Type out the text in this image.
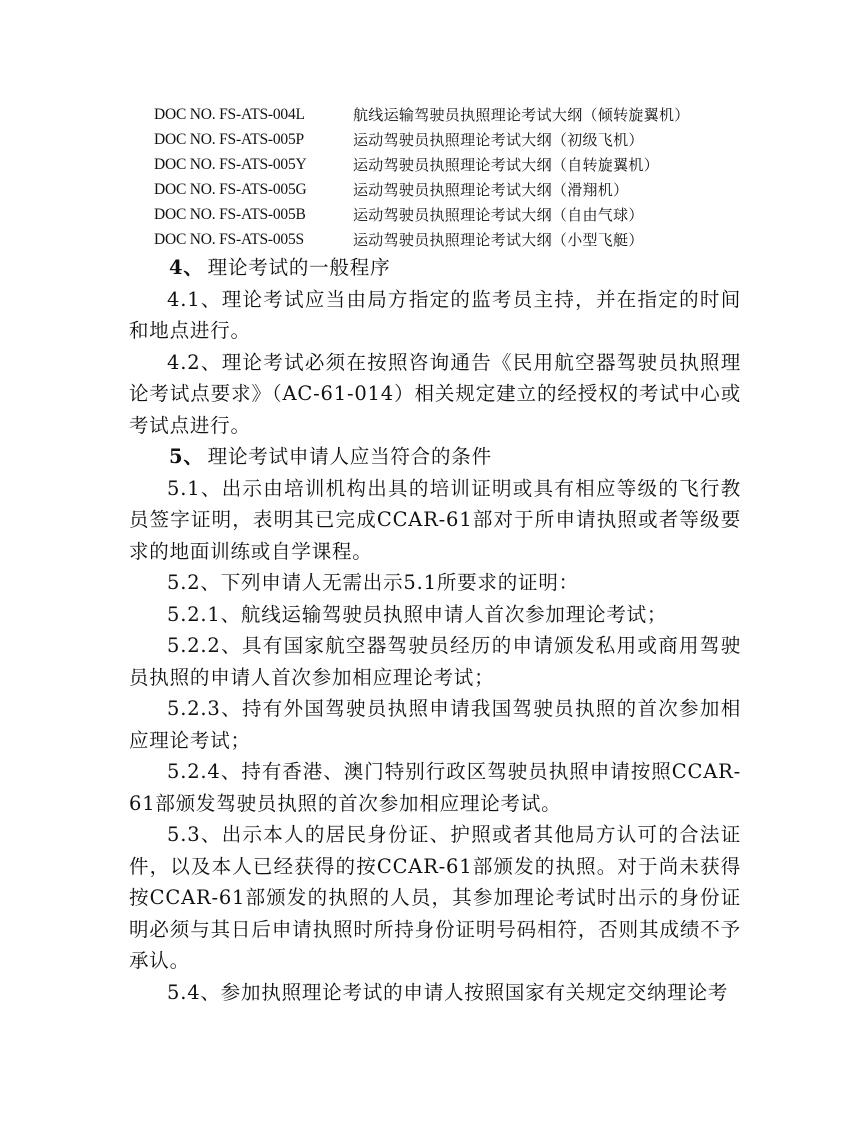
DOC NO. FS-ATS-004L	航线运输驾驶员执照理论考试大纲（倾转旋翼机）
DOC NO. FS-ATS-005P	运动驾驶员执照理论考试大纲（初级飞机）
DOC NO. FS-ATS-005Y	运动驾驶员执照理论考试大纲（自转旋翼机）
DOC NO. FS-ATS-005G	运动驾驶员执照理论考试大纲（滑翔机）
DOC NO. FS-ATS-005B	运动驾驶员执照理论考试大纲（自由气球）
DOC NO. FS-ATS-005S	运动驾驶员执照理论考试大纲（小型飞艇）

4、 理论考试的一般程序

4.1、理论考试应当由局方指定的监考员主持，并在指定的时间和地点进行。

4.2、理论考试必须在按照咨询通告《民用航空器驾驶员执照理论考试点要求》（AC-61-014）相关规定建立的经授权的考试中心或考试点进行。

5、 理论考试申请人应当符合的条件

5.1、出示由培训机构出具的培训证明或具有相应等级的飞行教员签字证明，表明其已完成CCAR-61部对于所申请执照或者等级要求的地面训练或自学课程。

5.2、下列申请人无需出示5.1所要求的证明：

5.2.1、航线运输驾驶员执照申请人首次参加理论考试；

5.2.2、具有国家航空器驾驶员经历的申请颁发私用或商用驾驶员执照的申请人首次参加相应理论考试；

5.2.3、持有外国驾驶员执照申请我国驾驶员执照的首次参加相应理论考试；

5.2.4、持有香港、澳门特别行政区驾驶员执照申请按照CCAR-61部颁发驾驶员执照的首次参加相应理论考试。

5.3、出示本人的居民身份证、护照或者其他局方认可的合法证件，以及本人已经获得的按CCAR-61部颁发的执照。对于尚未获得按CCAR-61部颁发的执照的人员，其参加理论考试时出示的身份证明必须与其日后申请执照时所持身份证明号码相符，否则其成绩不予承认。

5.4、参加执照理论考试的申请人按照国家有关规定交纳理论考
